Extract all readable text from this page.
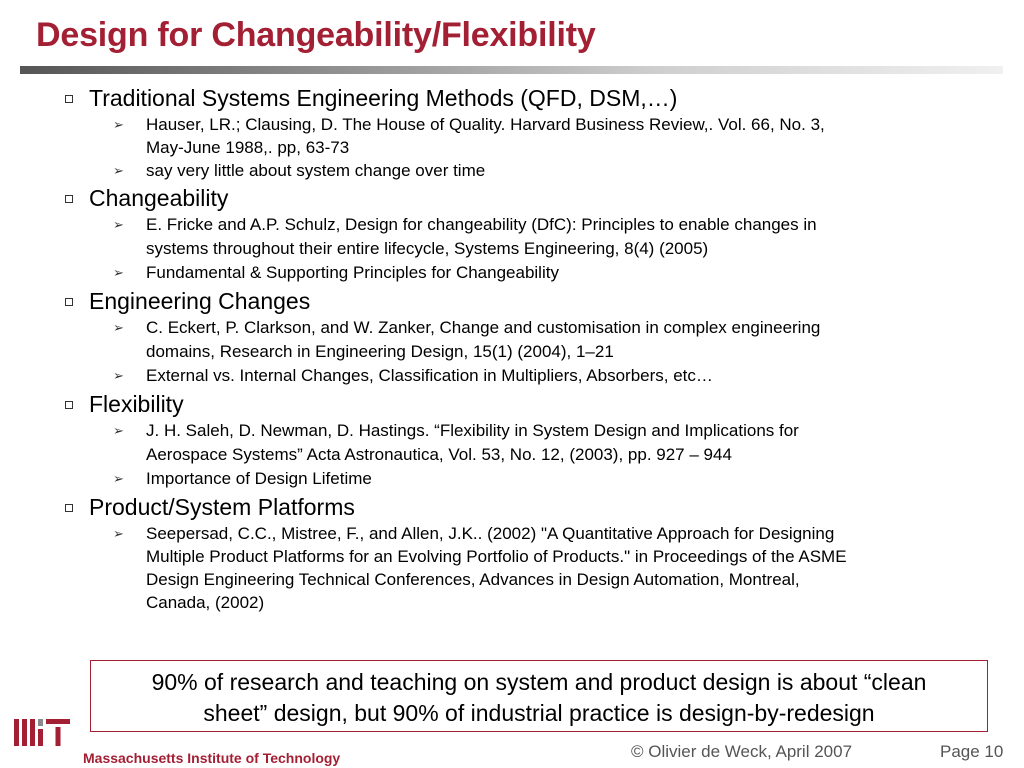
Design for Changeability/Flexibility
Traditional Systems Engineering Methods (QFD, DSM,…)
➢ Hauser, LR.; Clausing, D. The House of Quality. Harvard Business Review,. Vol. 66, No. 3,
May-June 1988,. pp, 63-73
➢ say very little about system change over time
Changeability
➢ E. Fricke and A.P. Schulz, Design for changeability (DfC): Principles to enable changes in
systems throughout their entire lifecycle, Systems Engineering, 8(4) (2005)
➢ Fundamental & Supporting Principles for Changeability
Engineering Changes
➢ C. Eckert, P. Clarkson, and W. Zanker, Change and customisation in complex engineering
domains, Research in Engineering Design, 15(1) (2004), 1–21
➢ External vs. Internal Changes, Classification in Multipliers, Absorbers, etc…
Flexibility
➢ J. H. Saleh, D. Newman, D. Hastings. “Flexibility in System Design and Implications for
Aerospace Systems” Acta Astronautica, Vol. 53, No. 12, (2003), pp. 927 – 944
➢ Importance of Design Lifetime
Product/System Platforms
➢ Seepersad, C.C., Mistree, F., and Allen, J.K.. (2002) "A Quantitative Approach for Designing
Multiple Product Platforms for an Evolving Portfolio of Products." in Proceedings of the ASME
Design Engineering Technical Conferences, Advances in Design Automation, Montreal,
Canada, (2002)
90% of research and teaching on system and product design is about “clean
sheet” design, but 90% of industrial practice is design-by-redesign
Massachusetts Institute of Technology	© Olivier de Weck, April 2007	Page 10
